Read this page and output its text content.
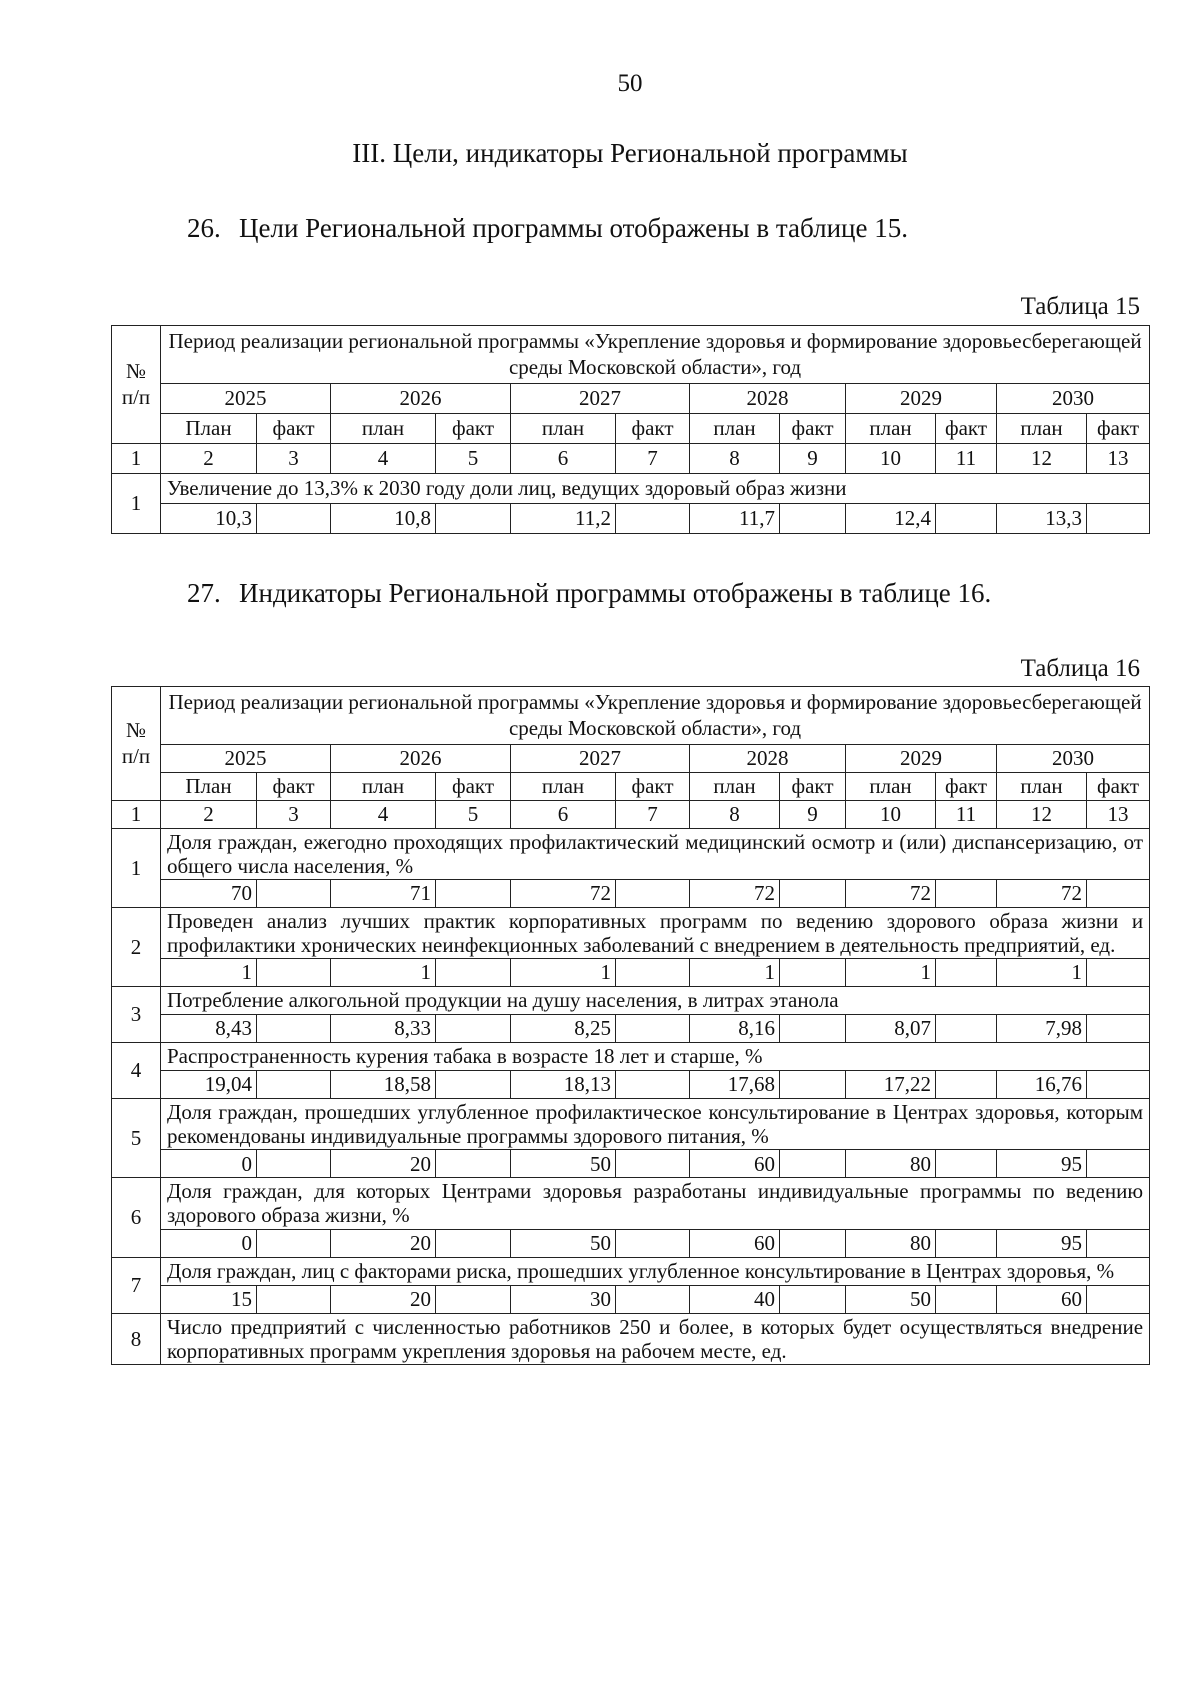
50
III. Цели, индикаторы Региональной программы
26. Цели Региональной программы отображены в таблице 15.
Таблица 15
№ п/п	Период реализации региональной программы «Укрепление здоровья и формирование здоровьесберегающей среды Московской области», год											
	2025		2026		2027		2028		2029		2030	
	План	факт	план	факт	план	факт	план	факт	план	факт	план	факт
1	2	3	4	5	6	7	8	9	10	11	12	13
1	Увеличение до 13,3% к 2030 году доли лиц, ведущих здоровый образ жизни											
	10,3		10,8		11,2		11,7		12,4		13,3	
27. Индикаторы Региональной программы отображены в таблице 16.
Таблица 16
№ п/п	Период реализации региональной программы «Укрепление здоровья и формирование здоровьесберегающей среды Московской области», год											
	2025		2026		2027		2028		2029		2030	
	План	факт	план	факт	план	факт	план	факт	план	факт	план	факт
1	2	3	4	5	6	7	8	9	10	11	12	13
1	Доля граждан, ежегодно проходящих профилактический медицинский осмотр и (или) диспансеризацию, от общего числа населения, %											
	70		71		72		72		72		72	
2	Проведен анализ лучших практик корпоративных программ по ведению здорового образа жизни и профилактики хронических неинфекционных заболеваний с внедрением в деятельность предприятий, ед.											
	1		1		1		1		1		1	
3	Потребление алкогольной продукции на душу населения, в литрах этанола											
	8,43		8,33		8,25		8,16		8,07		7,98	
4	Распространенность курения табака в возрасте 18 лет и старше, %											
	19,04		18,58		18,13		17,68		17,22		16,76	
5	Доля граждан, прошедших углубленное профилактическое консультирование в Центрах здоровья, которым рекомендованы индивидуальные программы здорового питания, %											
	0		20		50		60		80		95	
6	Доля граждан, для которых Центрами здоровья разработаны индивидуальные программы по ведению здорового образа жизни, %											
	0		20		50		60		80		95	
7	Доля граждан, лиц с факторами риска, прошедших углубленное консультирование в Центрах здоровья, %											
	15		20		30		40		50		60	
8	Число предприятий с численностью работников 250 и более, в которых будет осуществляться внедрение корпоративных программ укрепления здоровья на рабочем месте, ед.											
